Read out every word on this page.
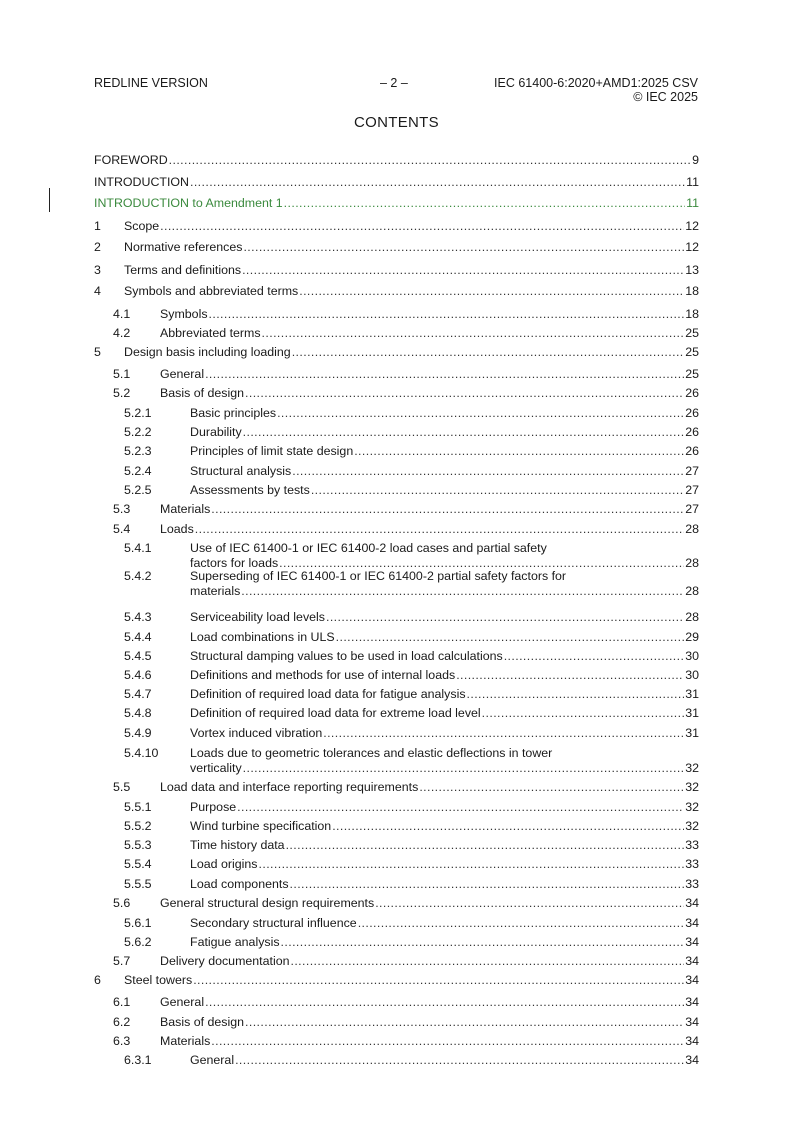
REDLINE VERSION	– 2 –	IEC 61400-6:2020+AMD1:2025 CSV
© IEC 2025
CONTENTS
FOREWORD .....	9
INTRODUCTION .....	11
INTRODUCTION to Amendment 1 .....	11
1 Scope .....	12
2 Normative references .....	12
3 Terms and definitions .....	13
4 Symbols and abbreviated terms .....	18
4.1 Symbols .....	18
4.2 Abbreviated terms .....	25
5 Design basis including loading .....	25
5.1 General .....	25
5.2 Basis of design .....	26
5.2.1	Basic principles .....	26
5.2.2	Durability .....	26
5.2.3	Principles of limit state design .....	26
5.2.4	Structural analysis .....	27
5.2.5	Assessments by tests .....	27
5.3 Materials .....	27
5.4 Loads .....	28
5.4.1	Use of IEC 61400-1 or IEC 61400-2 load cases and partial safety
factors for loads .....	28
5.4.2	Superseding of IEC 61400-1 or IEC 61400-2 partial safety factors for
materials .....	28
5.4.3	Serviceability load levels .....	28
5.4.4	Load combinations in ULS .....	29
5.4.5	Structural damping values to be used in load calculations .....	30
5.4.6	Definitions and methods for use of internal loads .....	30
5.4.7	Definition of required load data for fatigue analysis .....	31
5.4.8	Definition of required load data for extreme load level .....	31
5.4.9	Vortex induced vibration .....	31
5.4.10	Loads due to geometric tolerances and elastic deflections in tower
verticality .....	32
5.5 Load data and interface reporting requirements .....	32
5.5.1	Purpose .....	32
5.5.2	Wind turbine specification .....	32
5.5.3	Time history data .....	33
5.5.4	Load origins .....	33
5.5.5	Load components .....	33
5.6 General structural design requirements .....	34
5.6.1	Secondary structural influence .....	34
5.6.2	Fatigue analysis .....	34
5.7 Delivery documentation .....	34
6 Steel towers .....	34
6.1 General .....	34
6.2 Basis of design .....	34
6.3 Materials .....	34
6.3.1	General .....	34
